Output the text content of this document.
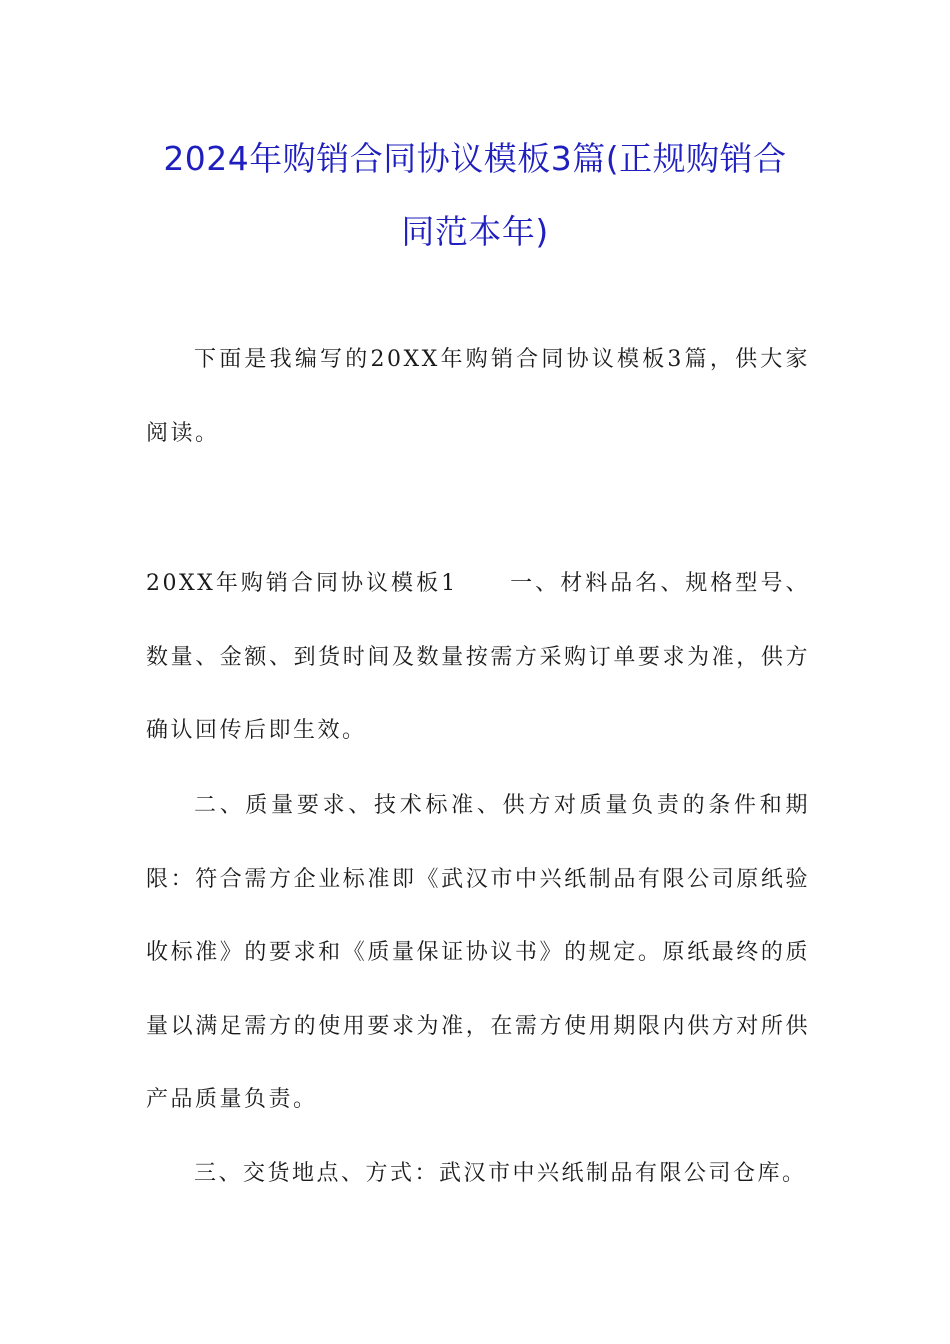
2024年购销合同协议模板3篇(正规购销合
同范本年)

下面是我编写的20XX年购销合同协议模板3篇，供大家阅读。

20XX年购销合同协议模板1 一、材料品名、规格型号、数量、金额、到货时间及数量按需方采购订单要求为准，供方确认回传后即生效。

二、质量要求、技术标准、供方对质量负责的条件和期限：符合需方企业标准即《武汉市中兴纸制品有限公司原纸验收标准》的要求和《质量保证协议书》的规定。原纸最终的质量以满足需方的使用要求为准，在需方使用期限内供方对所供产品质量负责。

三、交货地点、方式：武汉市中兴纸制品有限公司仓库。
